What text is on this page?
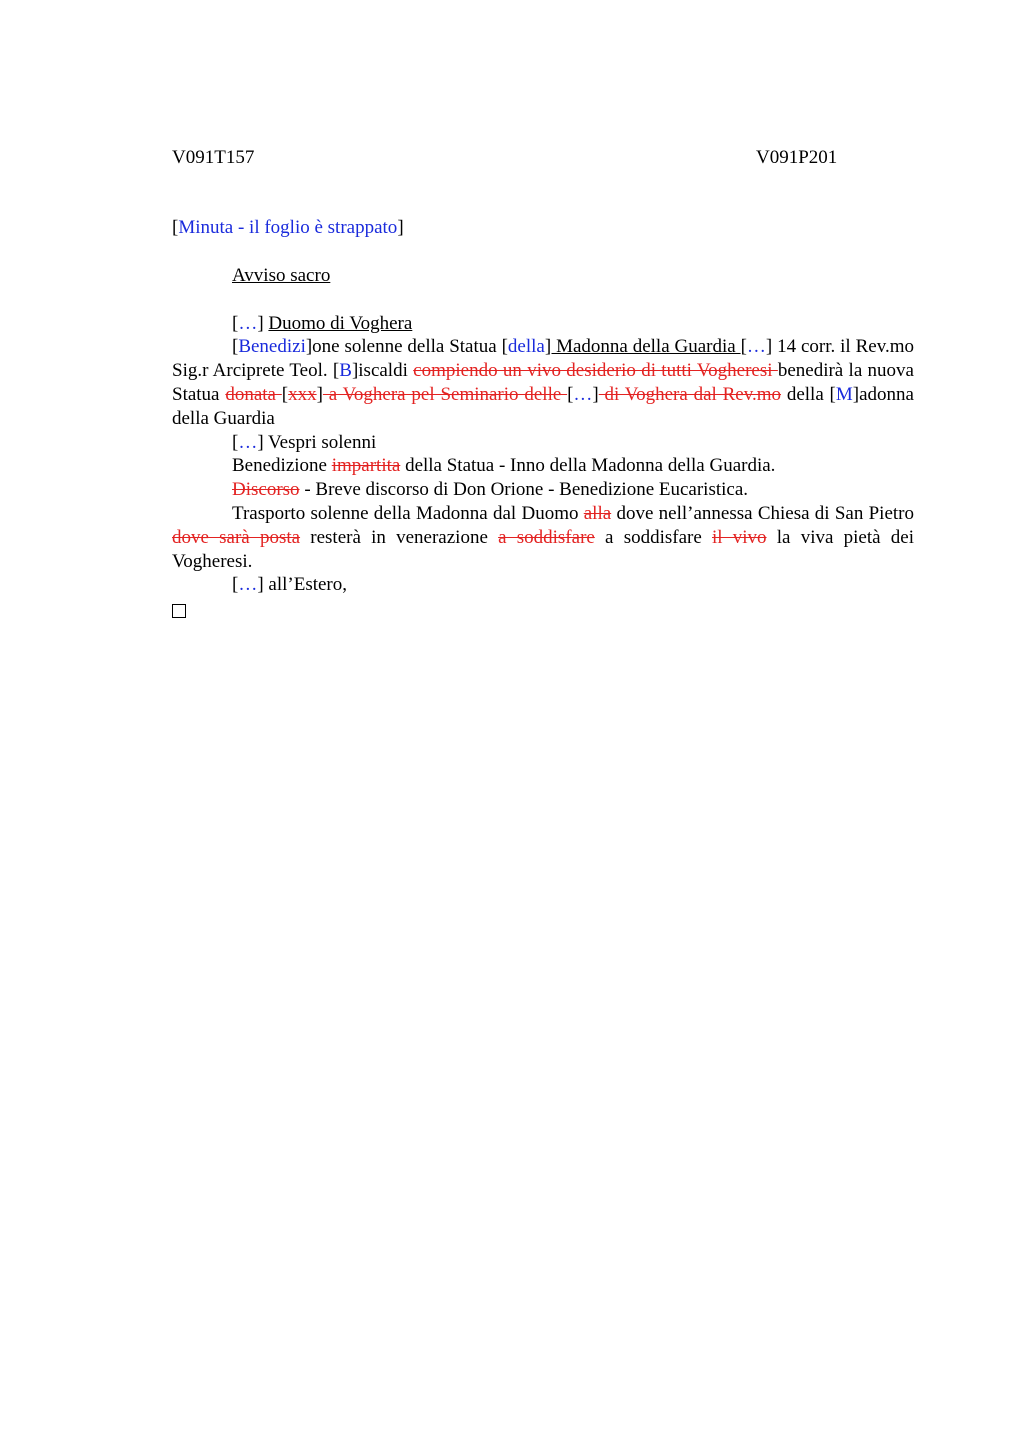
V091T157	V091P201

[Minuta - il foglio è strappato]

Avviso sacro

[…] Duomo di Voghera

[Benedizi]one solenne della Statua [della] Madonna della Guardia […] 14 corr. il Rev.mo Sig.r Arciprete Teol. [B]iscaldi compiendo un vivo desiderio di tutti Vogheresi benedirà la nuova Statua donata [xxx] a Voghera pel Seminario delle […] di Voghera dal Rev.mo della [M]adonna della Guardia

[…] Vespri solenni

Benedizione impartita della Statua - Inno della Madonna della Guardia.

Discorso - Breve discorso di Don Orione - Benedizione Eucaristica.

Trasporto solenne della Madonna dal Duomo alla dove nell’annessa Chiesa di San Pietro dove sarà posta resterà in venerazione a soddisfare a soddisfare il vivo la viva pietà dei Vogheresi.

[…] all’Estero,
